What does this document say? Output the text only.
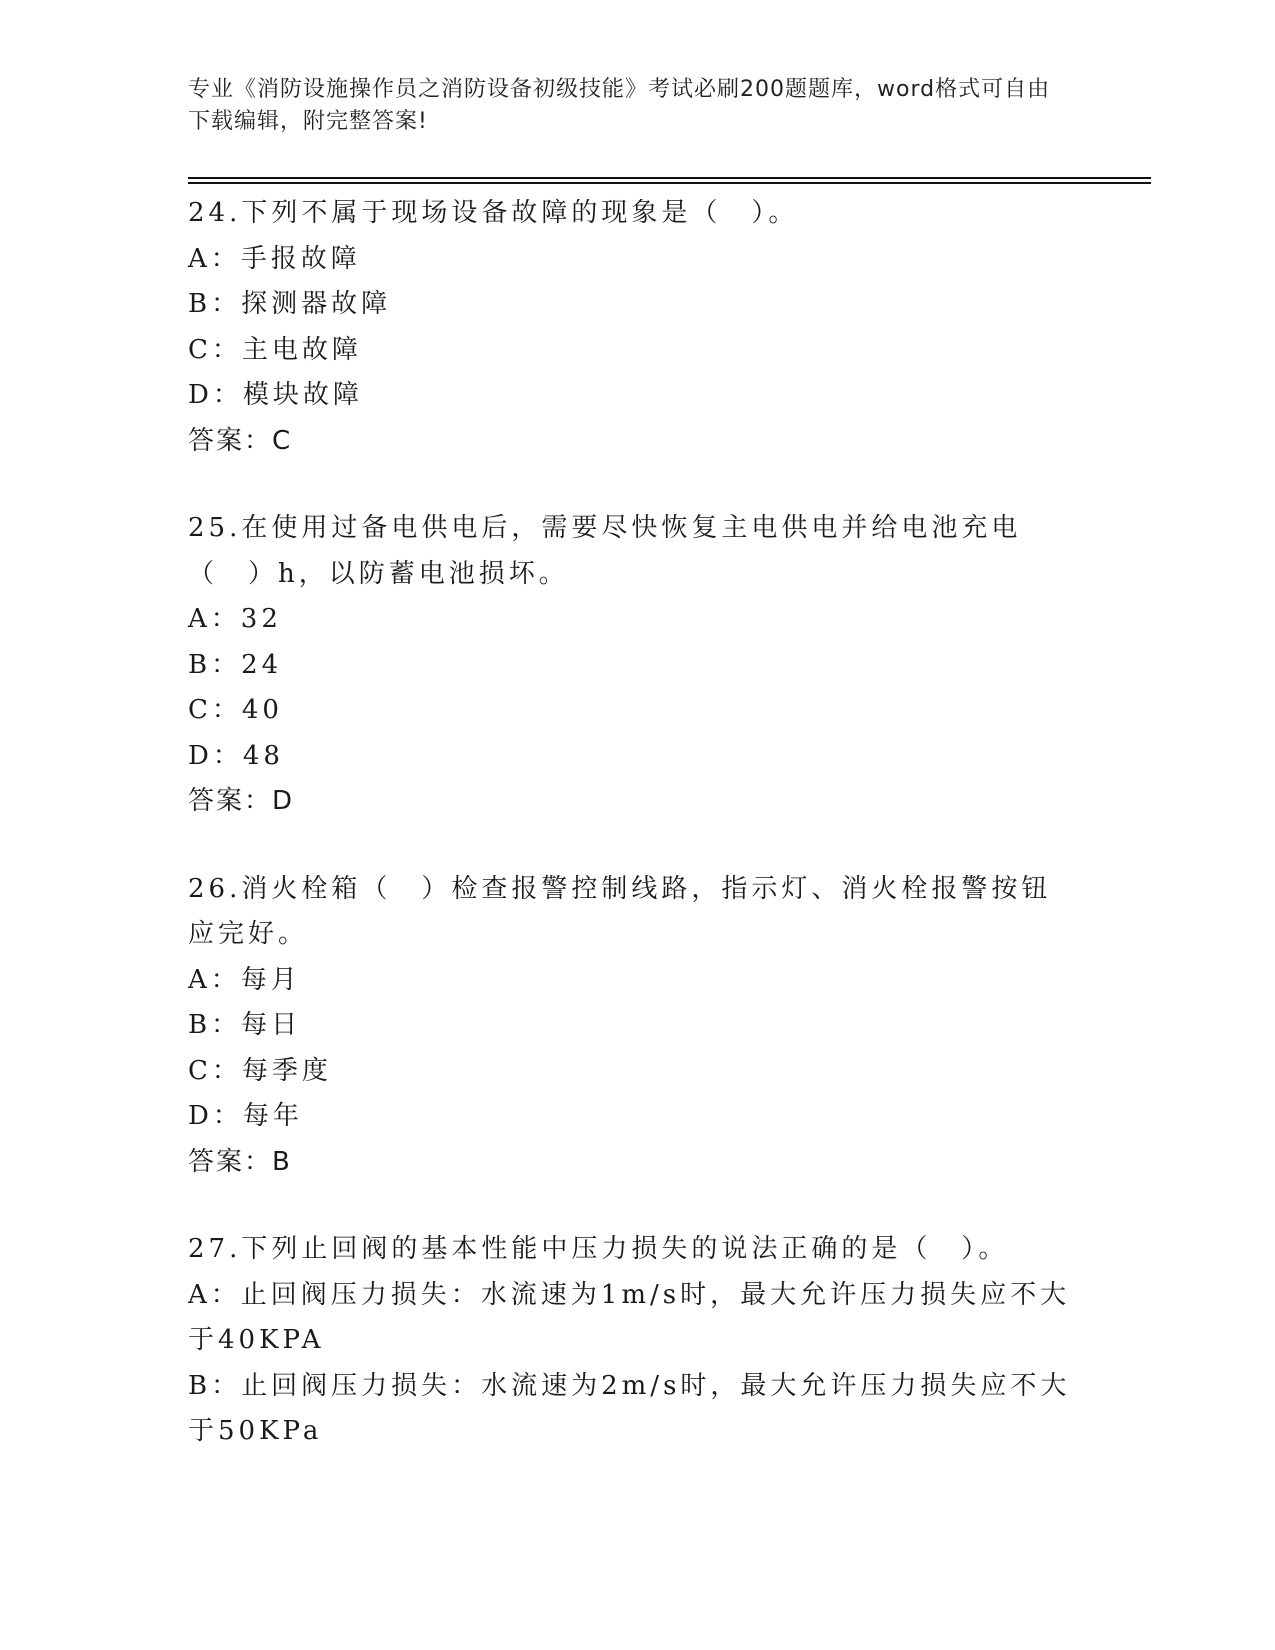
专业《消防设施操作员之消防设备初级技能》考试必刷200题题库，word格式可自由下载编辑，附完整答案!
24.下列不属于现场设备故障的现象是（　）。
A：手报故障
B：探测器故障
C：主电故障
D：模块故障
答案：C
25.在使用过备电供电后，需要尽快恢复主电供电并给电池充电（　）h，以防蓄电池损坏。
A：32
B：24
C：40
D：48
答案：D
26.消火栓箱（　）检查报警控制线路，指示灯、消火栓报警按钮应完好。
A：每月
B：每日
C：每季度
D：每年
答案：B
27.下列止回阀的基本性能中压力损失的说法正确的是（　）。
A：止回阀压力损失：水流速为1m/s时，最大允许压力损失应不大于40KPA
B：止回阀压力损失：水流速为2m/s时，最大允许压力损失应不大于50KPa
